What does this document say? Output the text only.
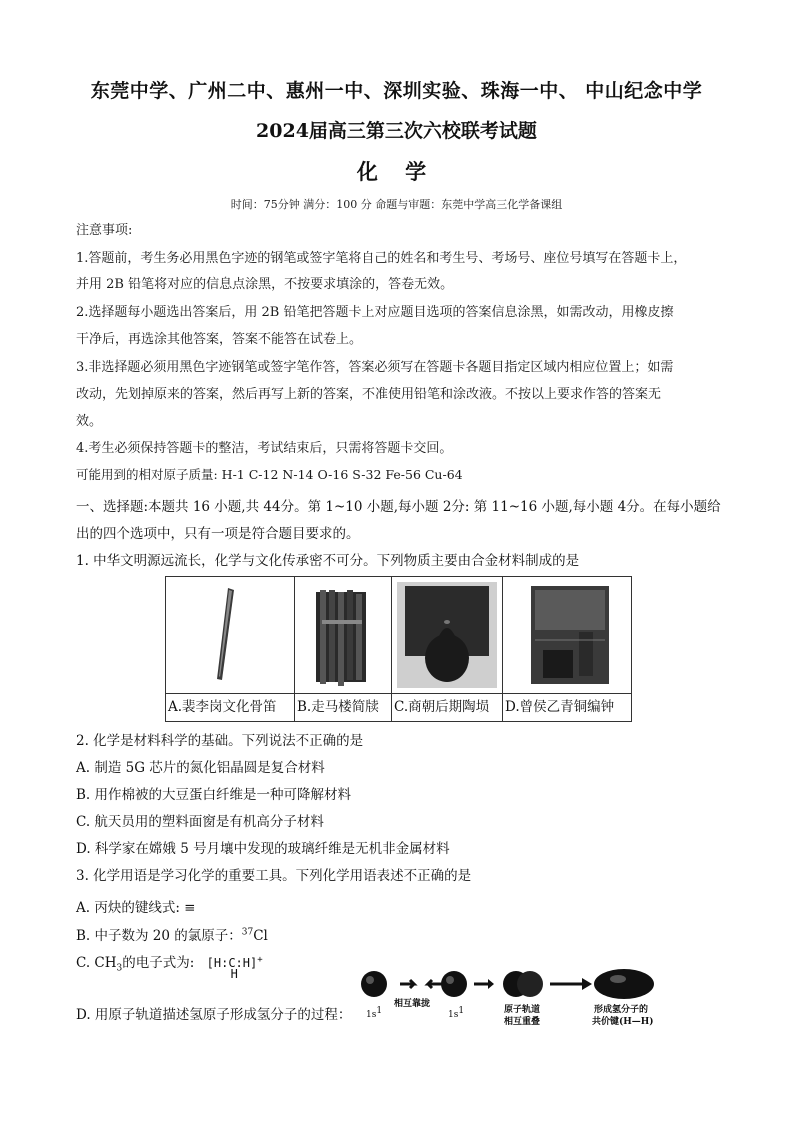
东莞中学、广州二中、惠州一中、深圳实验、珠海一中、 中山纪念中学
2024届高三第三次六校联考试题
化 学
时间：75分钟 满分：100 分 命题与审题：东莞中学高三化学备课组
注意事项:
1.答题前，考生务必用黑色字迹的钢笔或签字笔将自己的姓名和考生号、考场号、座位号填写在答题卡上，
并用 2B 铅笔将对应的信息点涂黑，不按要求填涂的，答卷无效。
2.选择题每小题选出答案后，用 2B 铅笔把答题卡上对应题目选项的答案信息涂黑，如需改动，用橡皮擦
干净后，再选涂其他答案，答案不能答在试卷上。
3.非选择题必须用黑色字迹钢笔或签字笔作答，答案必须写在答题卡各题目指定区域内相应位置上；如需
改动，先划掉原来的答案，然后再写上新的答案，不准使用铅笔和涂改液。不按以上要求作答的答案无
效。
4.考生必须保持答题卡的整洁，考试结束后，只需将答题卡交回。
可能用到的相对原子质量: H-1 C-12 N-14 O-16 S-32 Fe-56 Cu-64
一、选择题:本题共 16 小题,共 44分。第 1~10 小题,每小题 2分: 第 11~16 小题,每小题 4分。在每小题给
出的四个选项中，只有一项是符合题目要求的。
1. 中华文明源远流长，化学与文化传承密不可分。下列物质主要由合金材料制成的是
A.裴李岗文化骨笛	B.走马楼简牍	C.商朝后期陶埙	D.曾侯乙青铜编钟
2. 化学是材料科学的基础。下列说法不正确的是
A. 制造 5G 芯片的氮化铝晶圆是复合材料
B. 用作棉被的大豆蛋白纤维是一种可降解材料
C. 航天员用的塑料面窗是有机高分子材料
D. 科学家在嫦娥 5 号月壤中发现的玻璃纤维是无机非金属材料
3. 化学用语是学习化学的重要工具。下列化学用语表述不正确的是
A. 丙炔的键线式: ≡
B. 中子数为 20 的氯原子：$^{37}$Cl
C. $CH_3$的电子式为: [H:C:H]+
H
D. 用原子轨道描述氢原子形成氢分子的过程：	$1s^1$	$1s^1$
相互靠拢
原子轨道
相互重叠
形成氢分子的
共价键(H—H)
